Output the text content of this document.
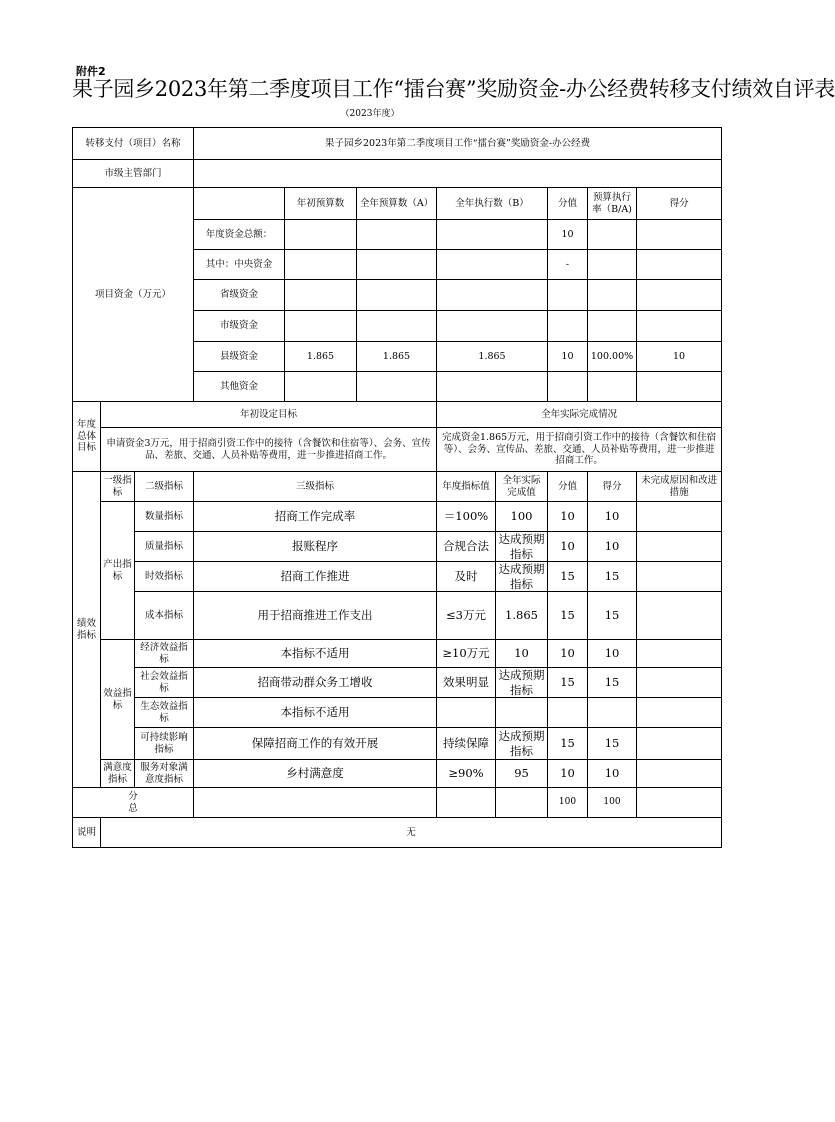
附件2
果子园乡2023年第二季度项目工作“擂台赛”奖励资金-办公经费转移支付绩效自评表
（2023年度）
转移支付（项目）名称			果子园乡2023年第二季度项目工作“擂台赛”奖励资金-办公经费							
市级主管部门										
项目资金（万元）				年初预算数	全年预算数（A）	全年执行数（B）		分值	预算执行率（B/A)	得分
			年度资金总额：					10		
			其中：中央资金					-		
			省级资金							
			市级资金							
			县级资金	1.865	1.865	1.865		10	100.00%	10
			其他资金							
年度总体目标	年初设定目标					全年实际完成情况				
	申请资金3万元，用于招商引资工作中的接待（含餐饮和住宿等）、会务、宣传品、差旅、交通、人员补贴等费用，进一步推进招商工作。					完成资金1.865万元，用于招商引资工作中的接待（含餐饮和住宿等）、会务、宣传品、差旅、交通、人员补贴等费用，进一步推进招商工作。				
绩效指标	一级指标	二级指标	三级指标			年度指标值	全年实际完成值	分值	得分	未完成原因和改进措施
	产出指标	数量指标	招商工作完成率			＝100%	100	10	10	
		质量指标	报账程序			合规合法	达成预期指标	10	10	
		时效指标	招商工作推进			及时	达成预期指标	15	15	
		成本指标	用于招商推进工作支出			≤3万元	1.865	15	15	
	效益指标	经济效益指标	本指标不适用			≥10万元	10	10	10	
		社会效益指标	招商带动群众务工增收			效果明显	达成预期指标	15	15	
		生态效益指标	本指标不适用							
		可持续影响指标	保障招商工作的有效开展			持续保障	达成预期指标	15	15	
	满意度指标	服务对象满意度指标	乡村满意度			≥90%	95	10	10	

分
总								100	100	
说明	无									
